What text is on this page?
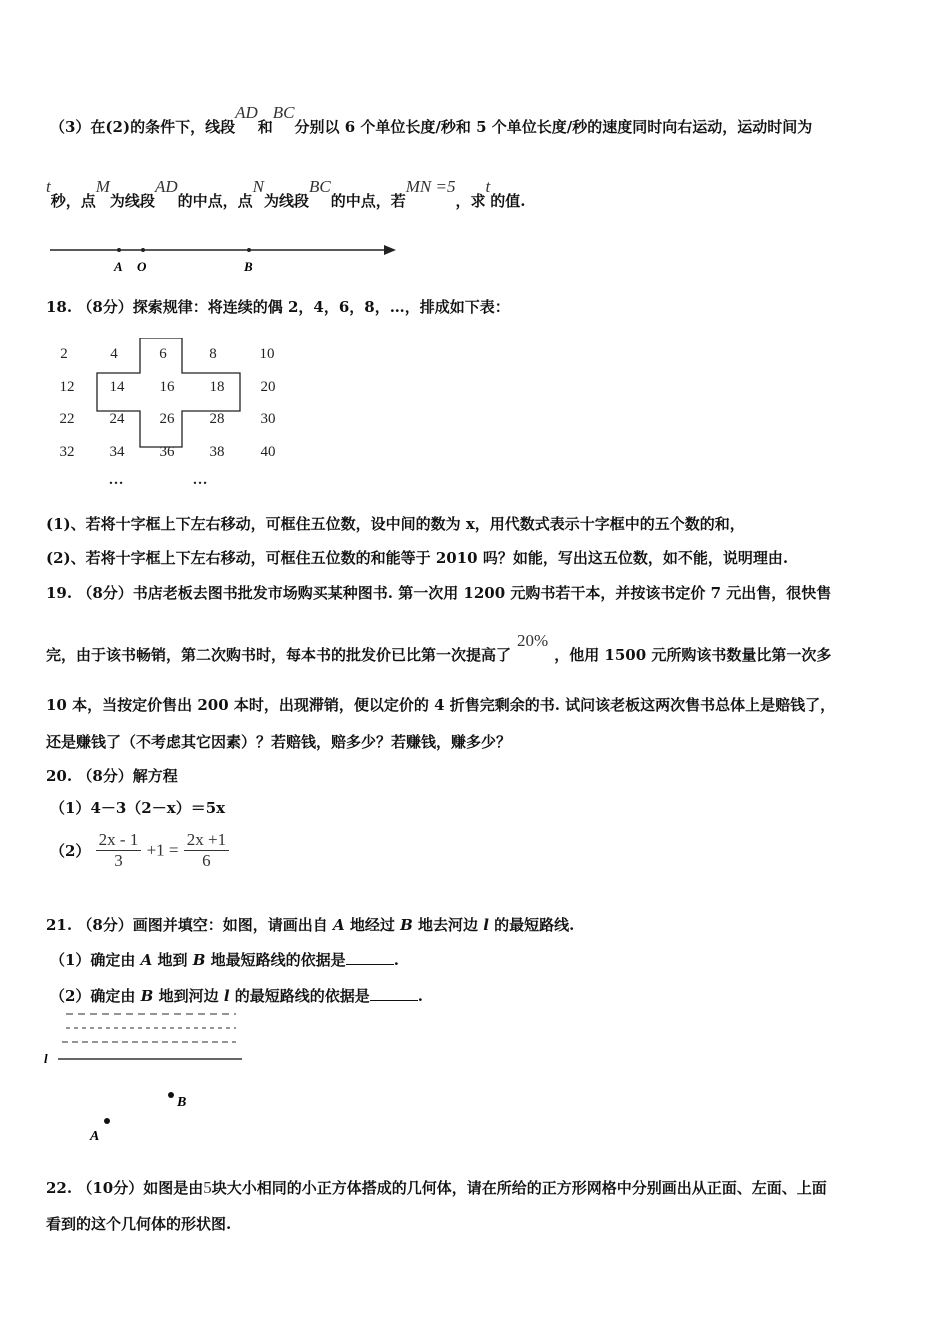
（3）在(2)的条件下，线段AD和BC分别以 6 个单位长度/秒和 5 个单位长度/秒的速度同时向右运动，运动时间为
t秒，点M为线段AD的中点，点N为线段BC的中点，若MN =5，求t的值.
A O	B
18. （8分）探索规律：将连续的偶 2，4，6，8，…，排成如下表：
2	4	6	8	10
12	14	16	18	20
22	24	26	28	30
32	34	36	38	40
…	…
(1)、若将十字框上下左右移动，可框住五位数，设中间的数为 x，用代数式表示十字框中的五个数的和，
(2)、若将十字框上下左右移动，可框住五位数的和能等于 2010 吗？如能，写出这五位数，如不能，说明理由.
19. （8分）书店老板去图书批发市场购买某种图书. 第一次用 1200 元购书若干本，并按该书定价 7 元出售，很快售
完，由于该书畅销，第二次购书时，每本书的批发价已比第一次提高了20%，他用 1500 元所购该书数量比第一次多
10 本，当按定价售出 200 本时，出现滞销，便以定价的 4 折售完剩余的书. 试问该老板这两次售书总体上是赔钱了，
还是赚钱了（不考虑其它因素）？若赔钱，赔多少？若赚钱，赚多少？
20. （8分）解方程
（1）4－3（2－x）＝5x
$(2) \frac{2x - 1}{3} +1 = \frac{2x +1}{6}$
21. （8分）画图并填空：如图，请画出自 A 地经过 B 地去河边 l 的最短路线.
（1）确定由 A 地到 B 地最短路线的依据是	.
（2）确定由 B 地到河边 l 的最短路线的依据是	.
l
B
A
22. （10分）如图是由5块大小相同的小正方体搭成的几何体，请在所给的正方形网格中分别画出从正面、左面、上面
看到的这个几何体的形状图.
